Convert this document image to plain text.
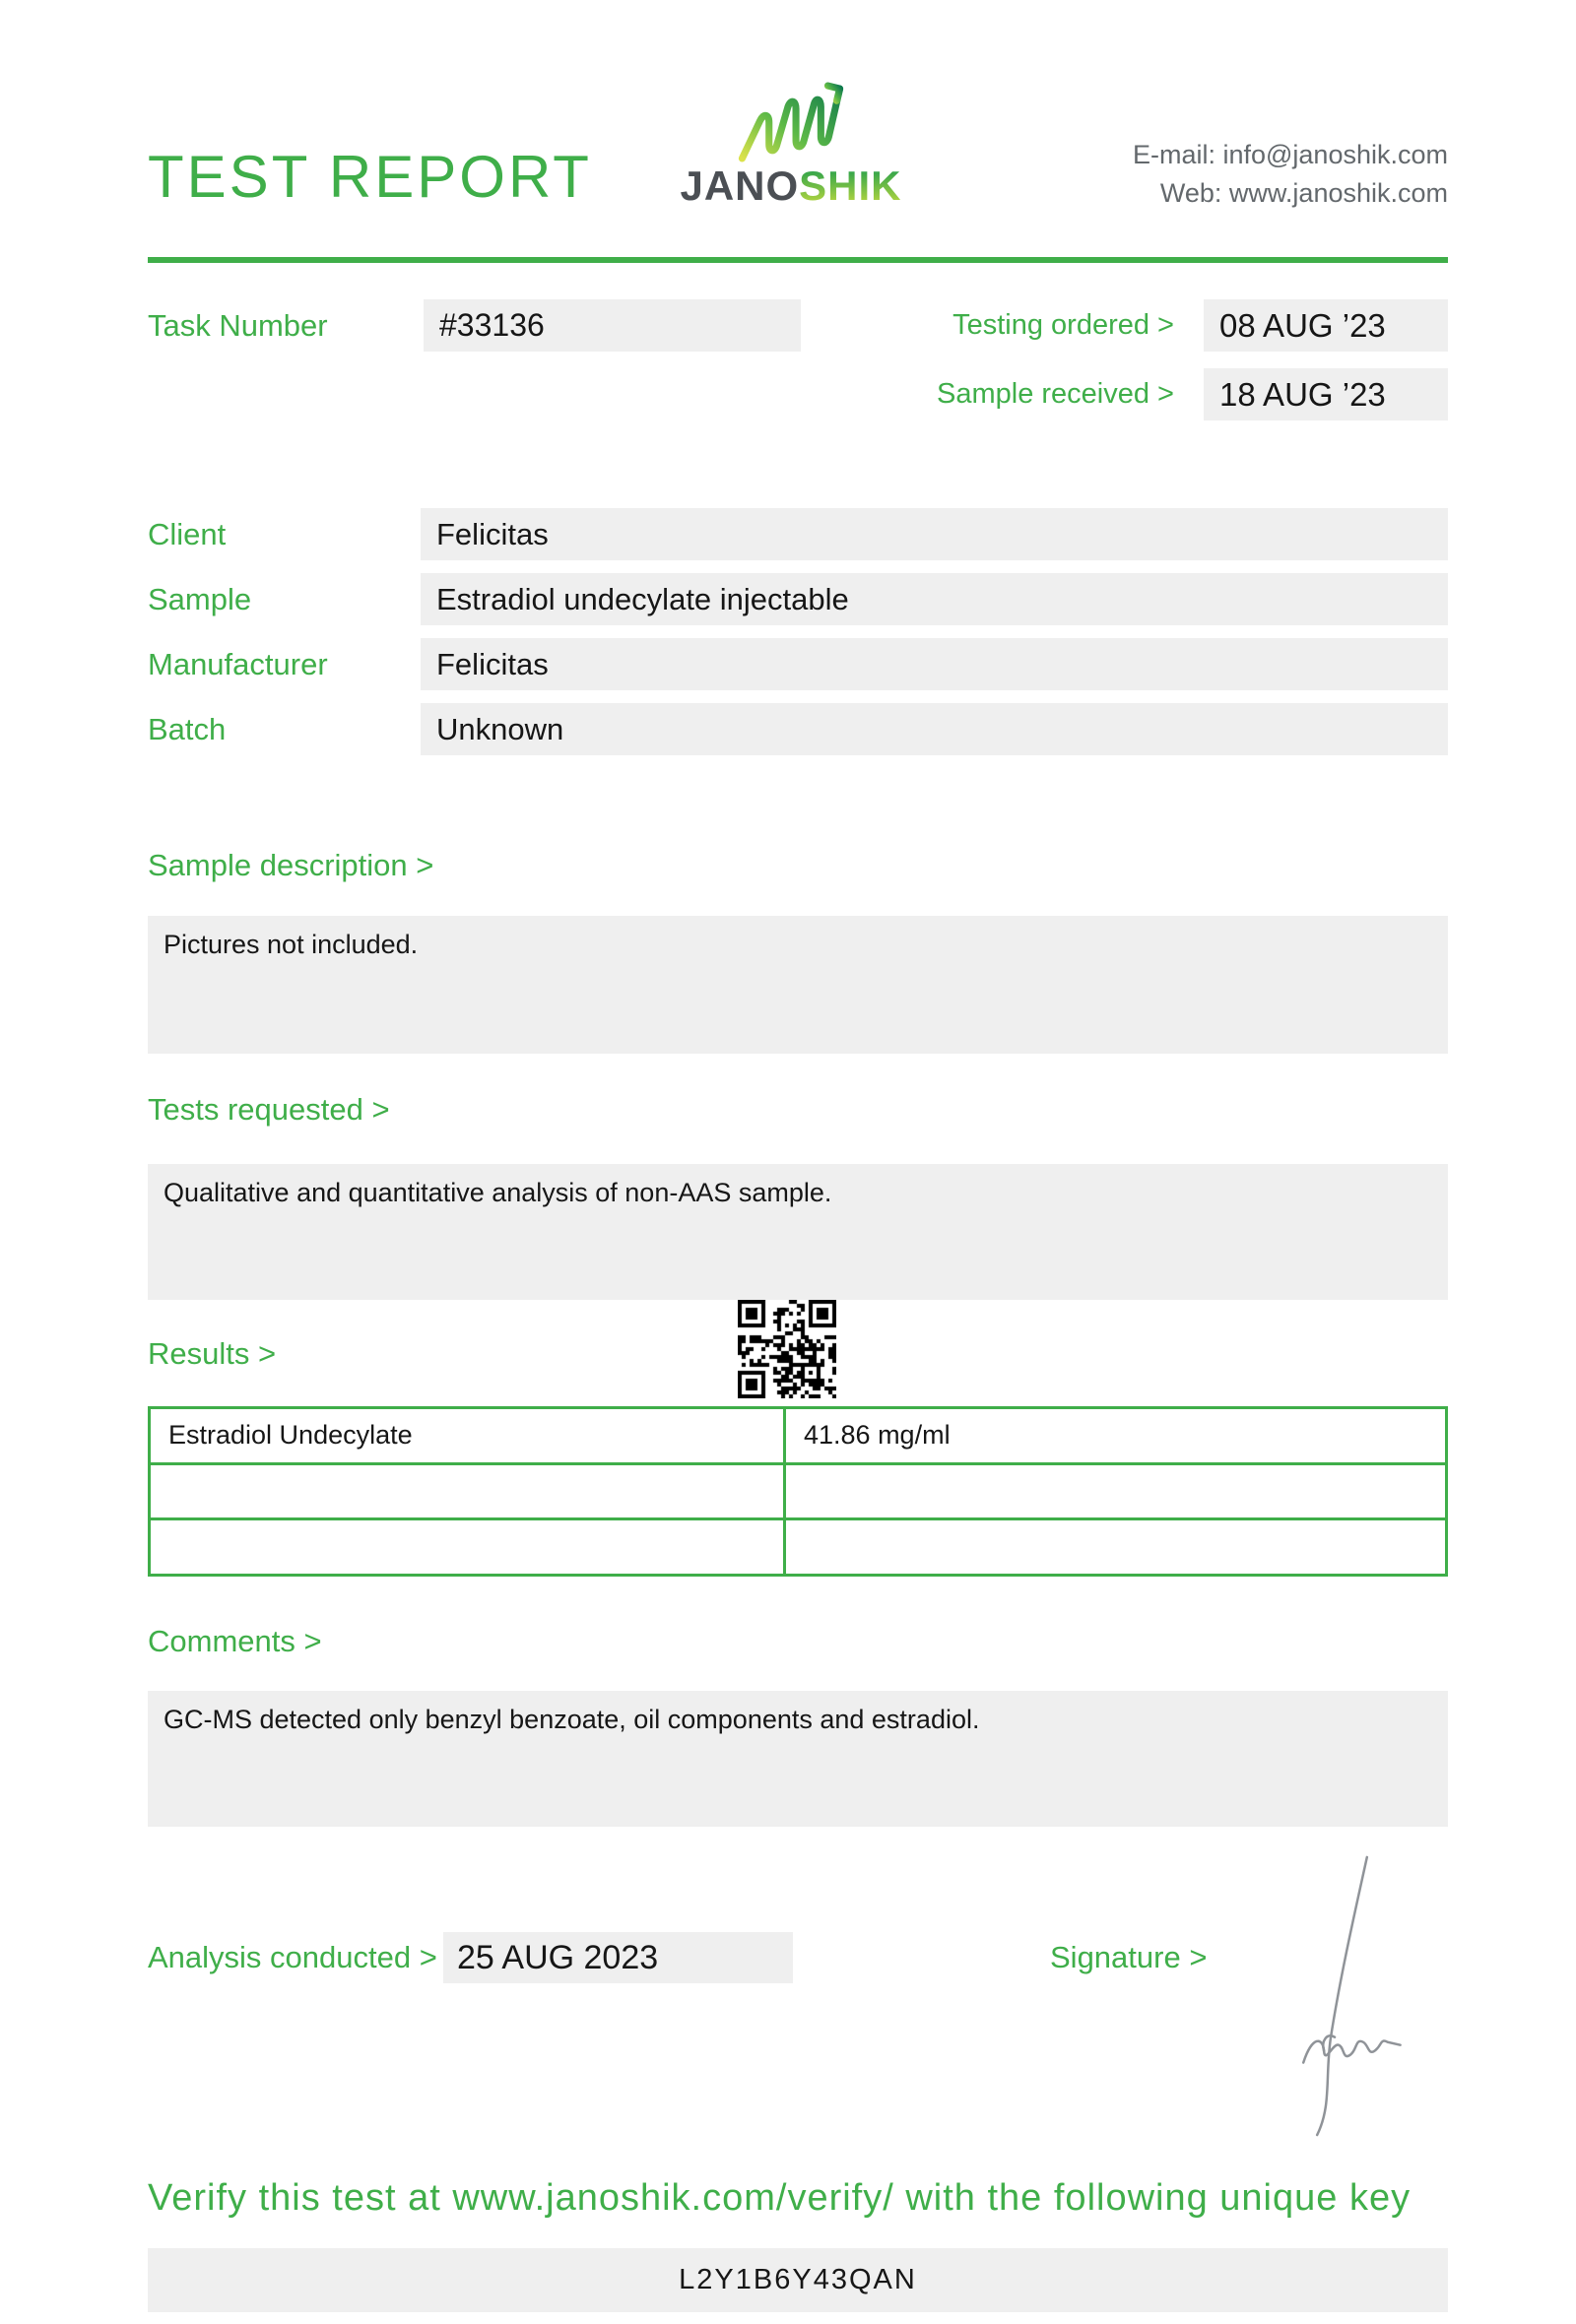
TEST REPORT JANOSHIK
E-mail: info@janoshik.com
Web: www.janoshik.com
Task Number	#33136	Testing ordered >	08 AUG ’23
Sample received >	18 AUG ’23
Client	Felicitas
Sample	Estradiol undecylate injectable
Manufacturer	Felicitas
Batch	Unknown
Sample description >
Pictures not included.
Tests requested >
Qualitative and quantitative analysis of non-AAS sample.
Results >
Estradiol Undecylate	41.86 mg/ml
Comments >
GC-MS detected only benzyl benzoate, oil components and estradiol.
Analysis conducted > 25 AUG 2023	Signature >
Verify this test at www.janoshik.com/verify/ with the following unique key
L2Y1B6Y43QAN
